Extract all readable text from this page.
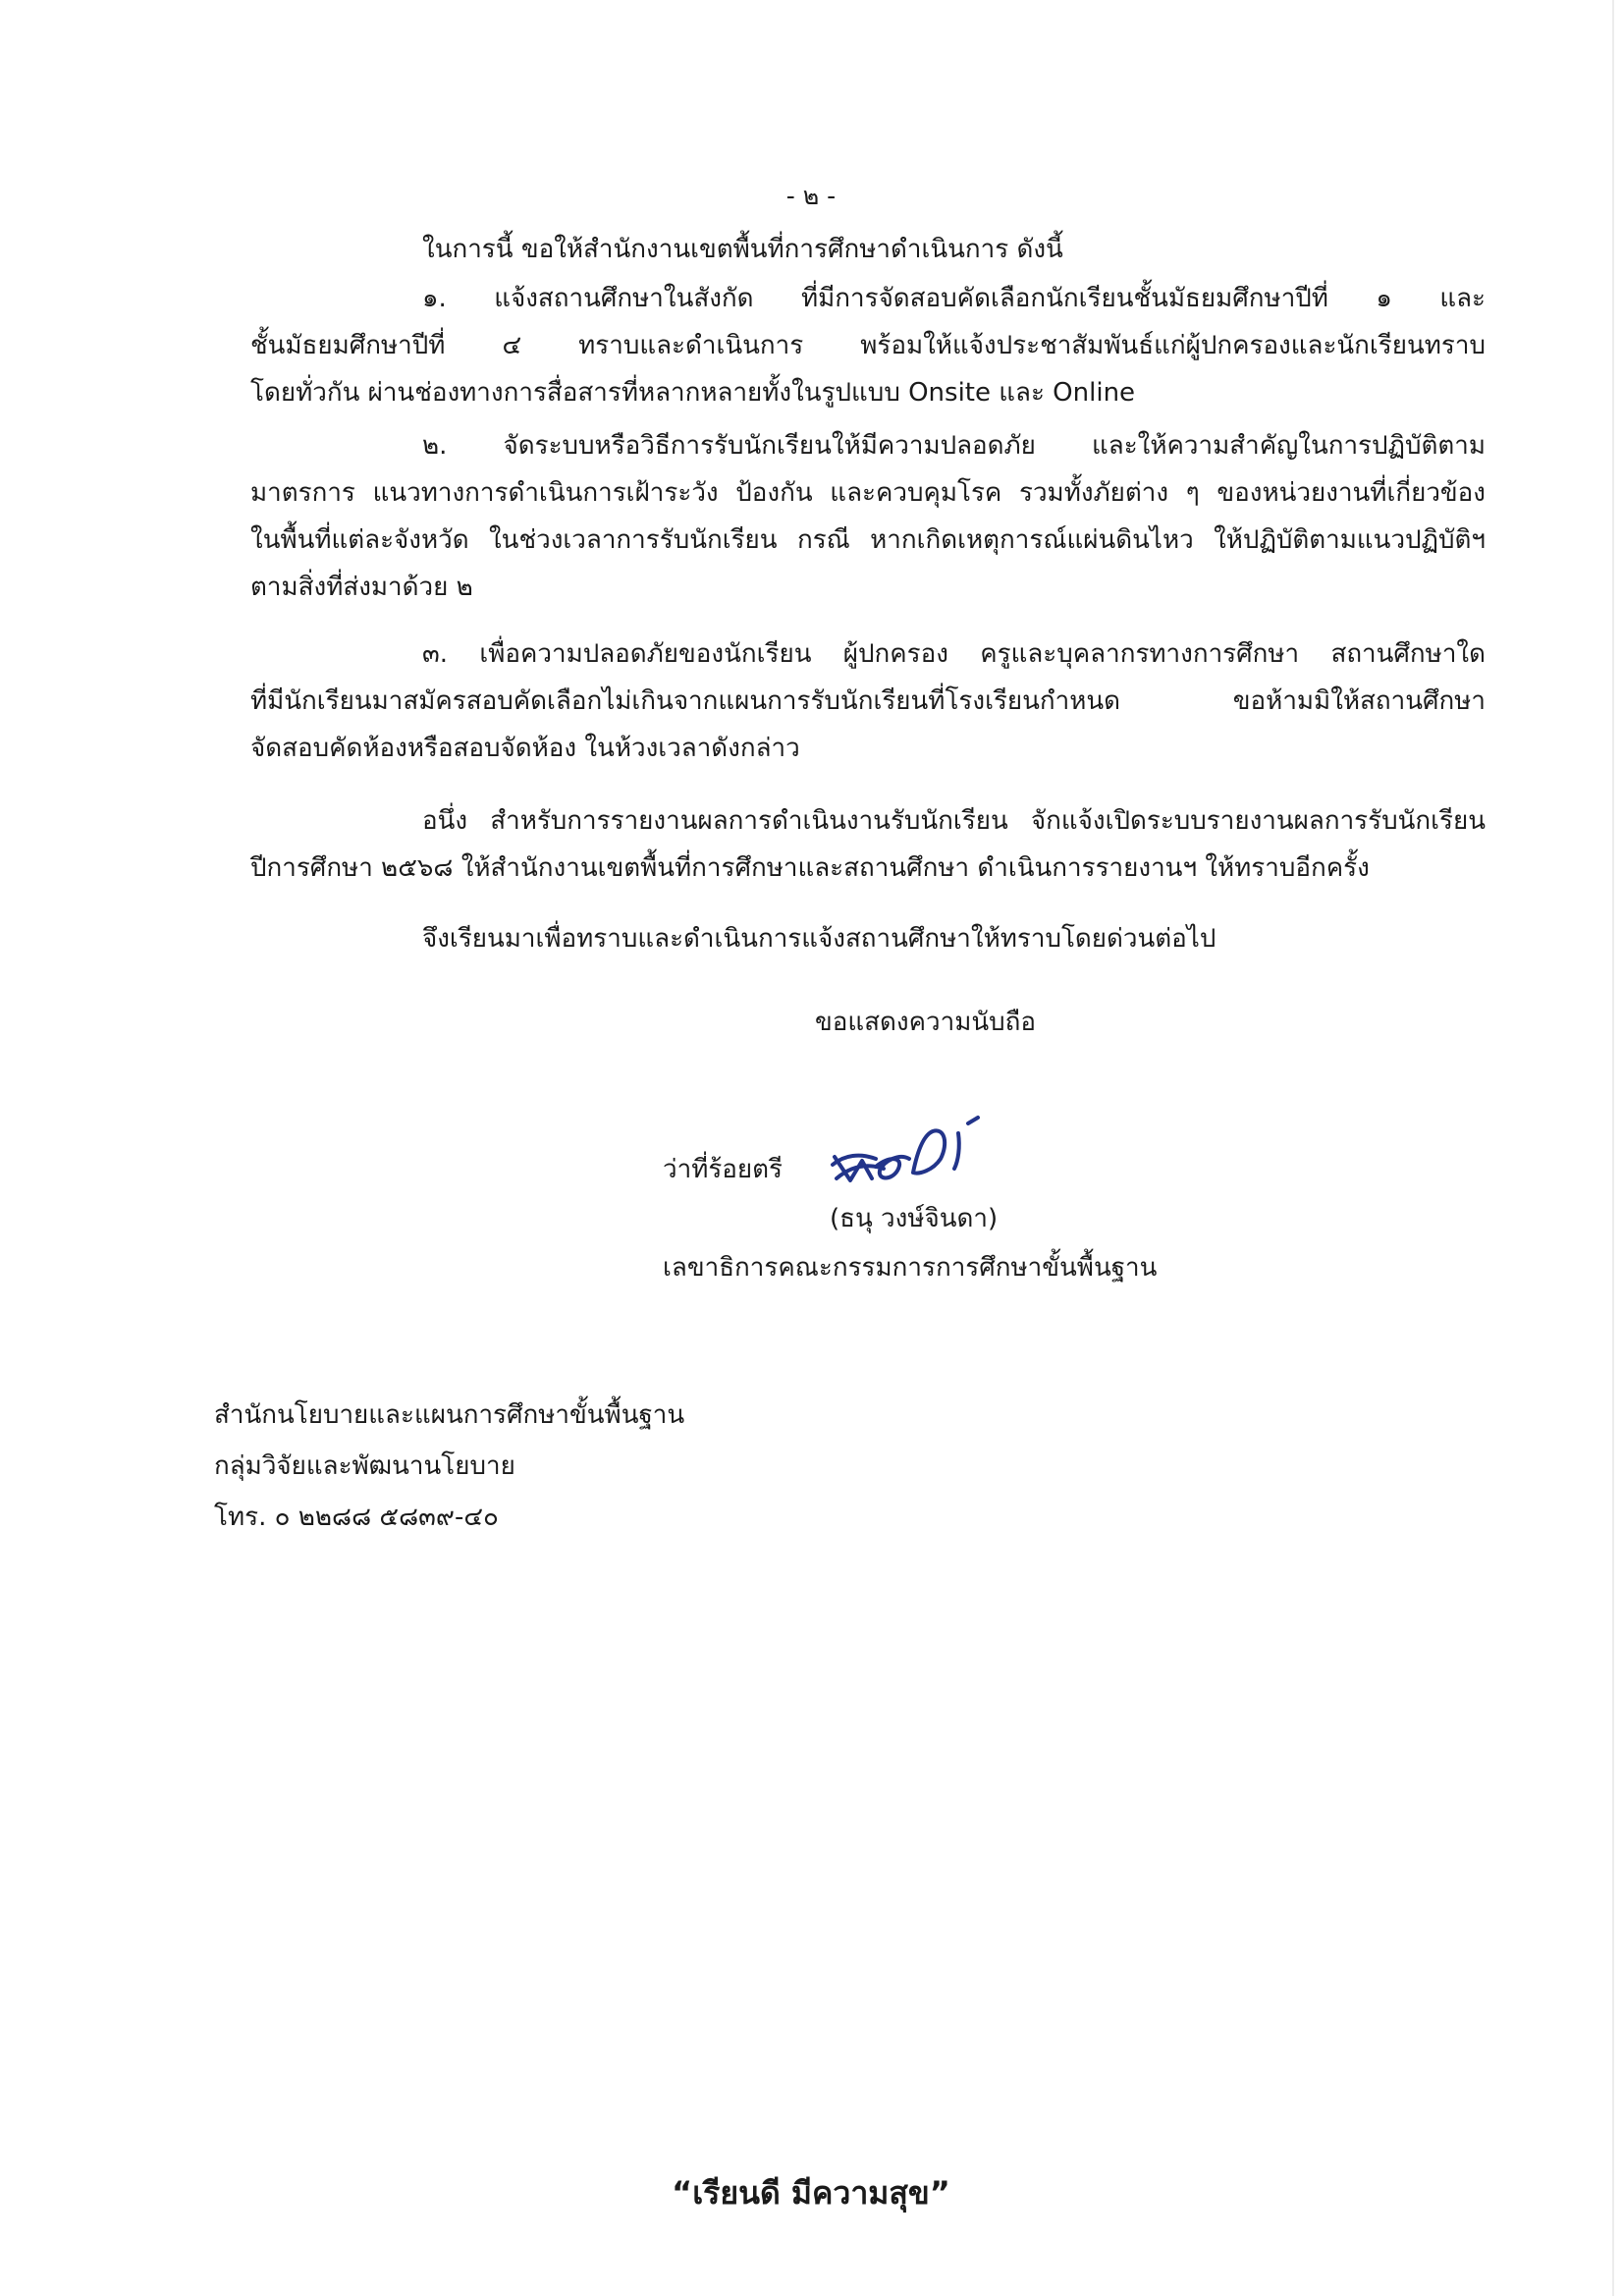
- ๒ -
ในการนี้ ขอให้สำนักงานเขตพื้นที่การศึกษาดำเนินการ ดังนี้
๑. แจ้งสถานศึกษาในสังกัด ที่มีการจัดสอบคัดเลือกนักเรียนชั้นมัธยมศึกษาปีที่ ๑ และ
ชั้นมัธยมศึกษาปีที่ ๔ ทราบและดำเนินการ พร้อมให้แจ้งประชาสัมพันธ์แก่ผู้ปกครองและนักเรียนทราบ
โดยทั่วกัน ผ่านช่องทางการสื่อสารที่หลากหลายทั้งในรูปแบบ Onsite และ Online
๒. จัดระบบหรือวิธีการรับนักเรียนให้มีความปลอดภัย และให้ความสำคัญในการปฏิบัติตาม
มาตรการ แนวทางการดำเนินการเฝ้าระวัง ป้องกัน และควบคุมโรค รวมทั้งภัยต่าง ๆ ของหน่วยงานที่เกี่ยวข้อง
ในพื้นที่แต่ละจังหวัด ในช่วงเวลาการรับนักเรียน กรณี หากเกิดเหตุการณ์แผ่นดินไหว ให้ปฏิบัติตามแนวปฏิบัติฯ
ตามสิ่งที่ส่งมาด้วย ๒
๓. เพื่อความปลอดภัยของนักเรียน ผู้ปกครอง ครูและบุคลากรทางการศึกษา สถานศึกษาใด
ที่มีนักเรียนมาสมัครสอบคัดเลือกไม่เกินจากแผนการรับนักเรียนที่โรงเรียนกำหนด ขอห้ามมิให้สถานศึกษา
จัดสอบคัดห้องหรือสอบจัดห้อง ในห้วงเวลาดังกล่าว
อนึ่ง สำหรับการรายงานผลการดำเนินงานรับนักเรียน จักแจ้งเปิดระบบรายงานผลการรับนักเรียน
ปีการศึกษา ๒๕๖๘ ให้สำนักงานเขตพื้นที่การศึกษาและสถานศึกษา ดำเนินการรายงานฯ ให้ทราบอีกครั้ง
จึงเรียนมาเพื่อทราบและดำเนินการแจ้งสถานศึกษาให้ทราบโดยด่วนต่อไป

ขอแสดงความนับถือ

ว่าที่ร้อยตรี

(ธนุ วงษ์จินดา)

เลขาธิการคณะกรรมการการศึกษาขั้นพื้นฐาน

สำนักนโยบายและแผนการศึกษาขั้นพื้นฐาน

กลุ่มวิจัยและพัฒนานโยบาย

โทร. ๐ ๒๒๘๘ ๕๘๓๙-๔๐

“เรียนดี มีความสุข”
